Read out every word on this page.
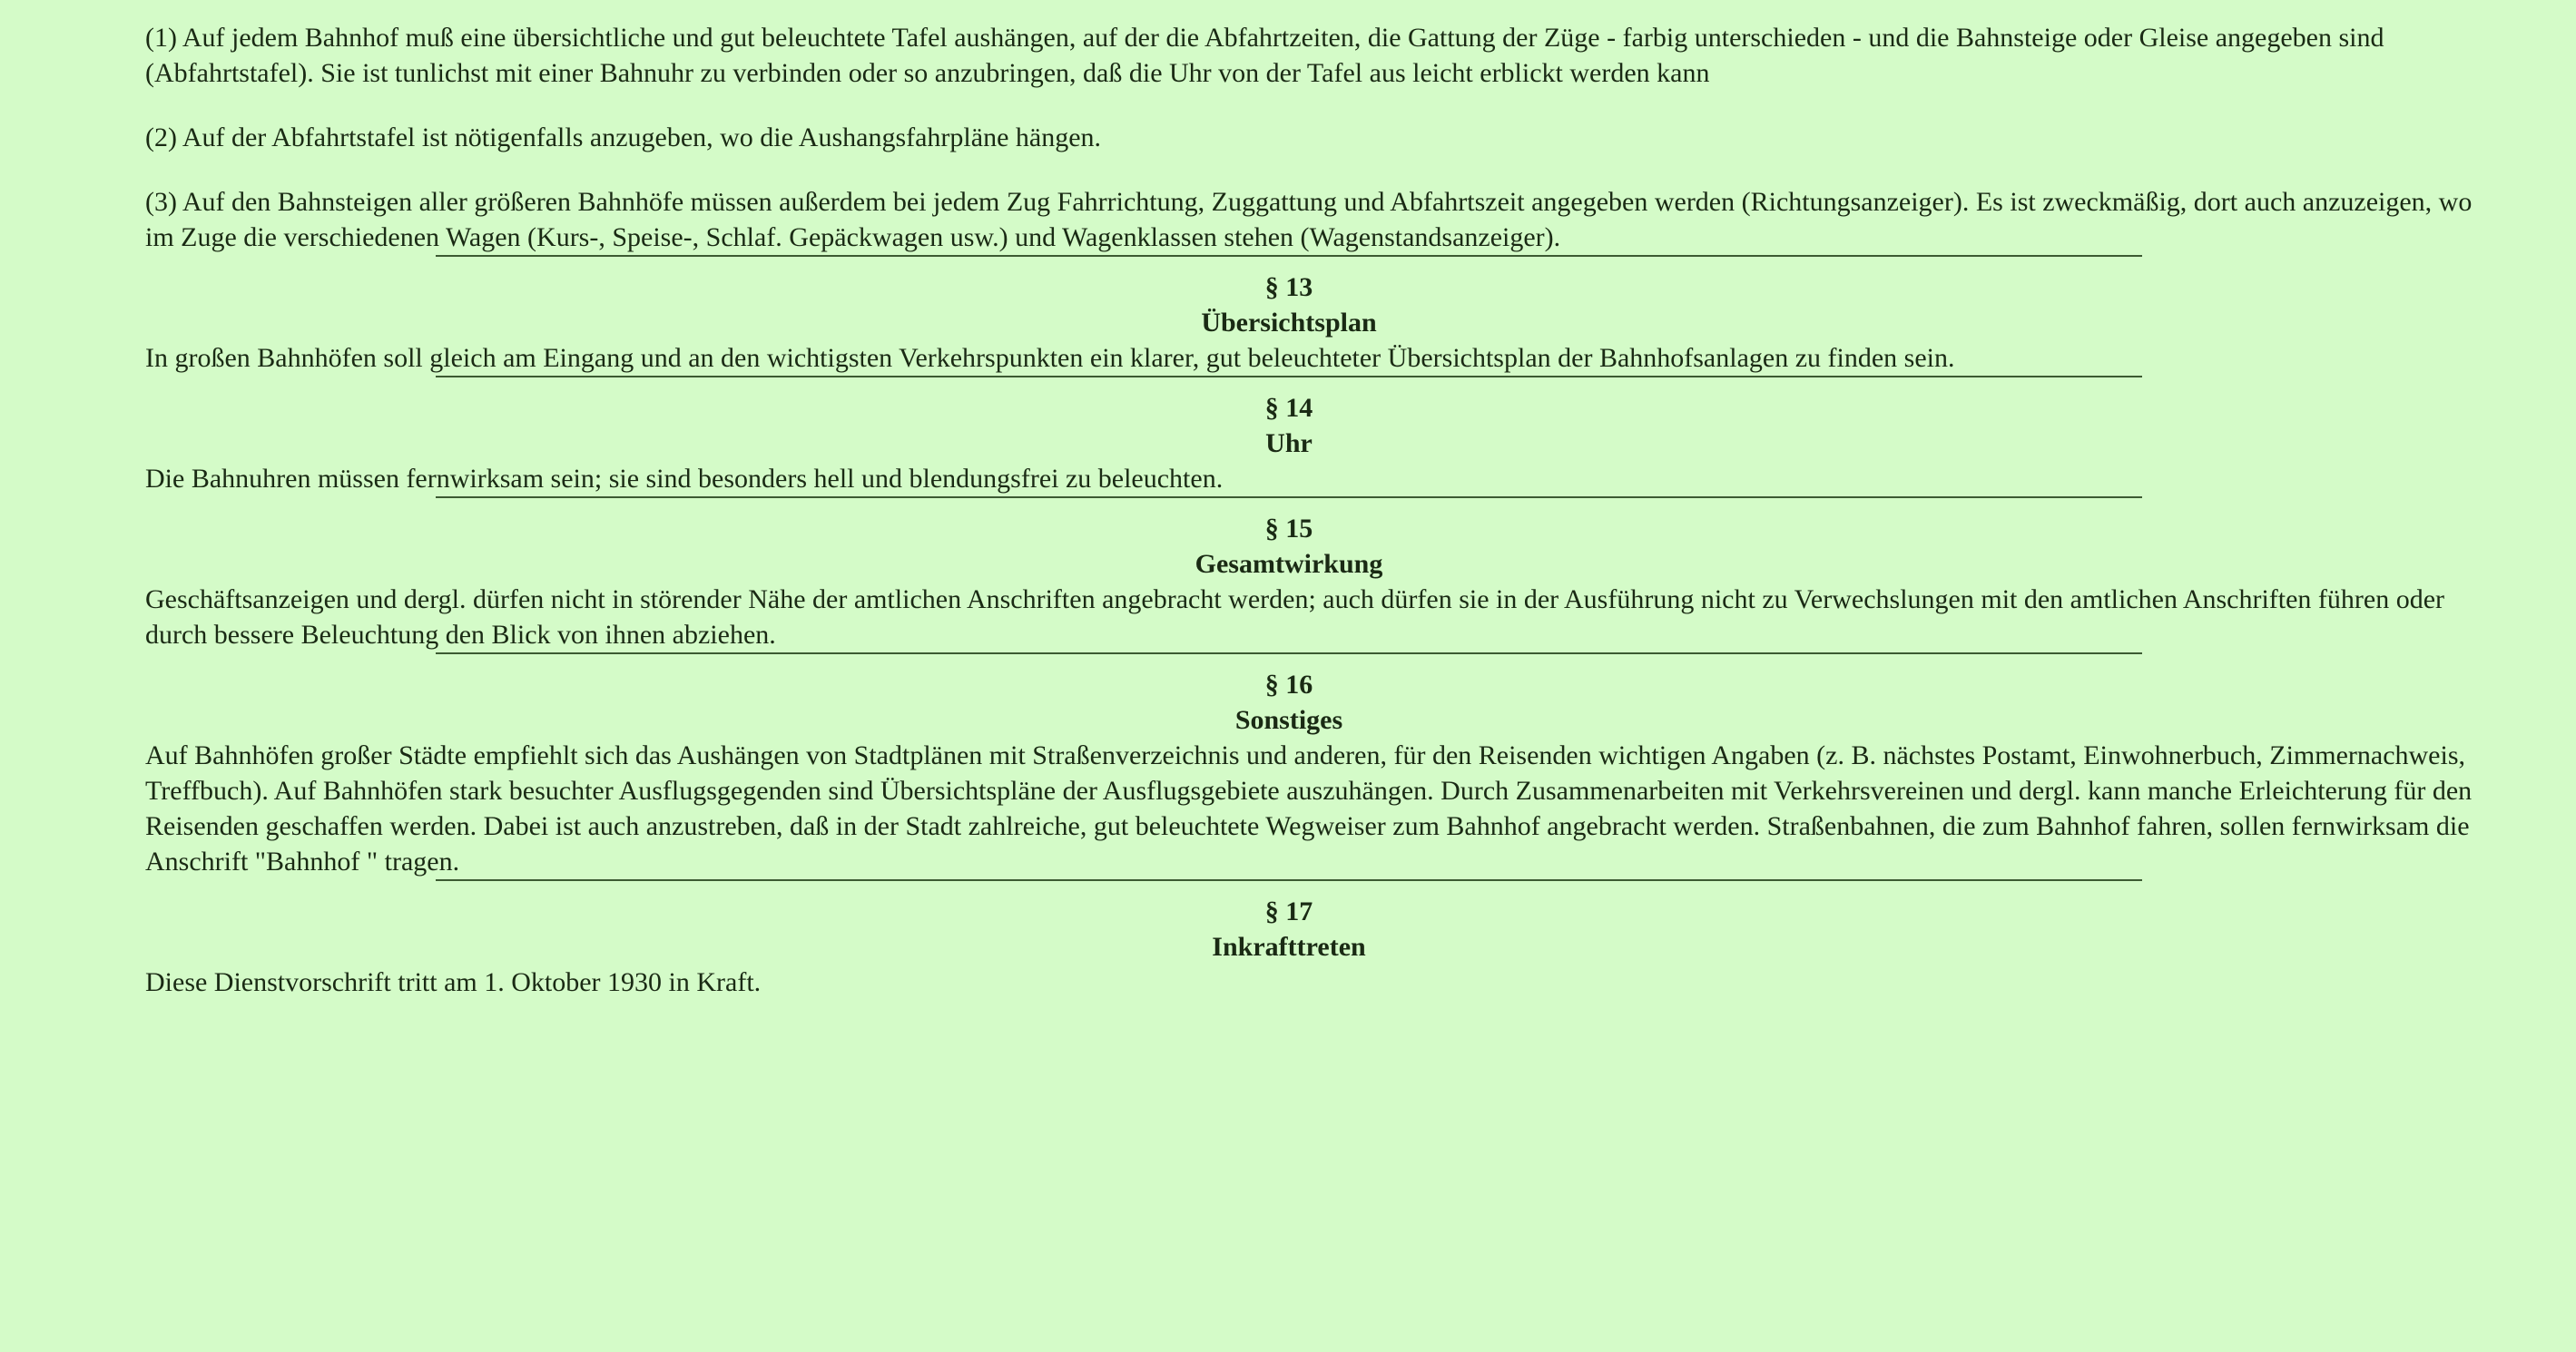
(1) Auf jedem Bahnhof muß eine übersichtliche und gut beleuchtete Tafel aushängen, auf der die Abfahrtzeiten, die Gattung der Züge - farbig unterschieden - und die Bahnsteige oder Gleise angegeben sind (Abfahrtstafel). Sie ist tunlichst mit einer Bahnuhr zu verbinden oder so anzubringen, daß die Uhr von der Tafel aus leicht erblickt werden kann

(2) Auf der Abfahrtstafel ist nötigenfalls anzugeben, wo die Aushangsfahrpläne hängen.

(3) Auf den Bahnsteigen aller größeren Bahnhöfe müssen außerdem bei jedem Zug Fahrrichtung, Zuggattung und Abfahrtszeit angegeben werden (Richtungsanzeiger). Es ist zweckmäßig, dort auch anzuzeigen, wo im Zuge die verschiedenen Wagen (Kurs-, Speise-, Schlaf. Gepäckwagen usw.) und Wagenklassen stehen (Wagenstandsanzeiger).

§ 13
Übersichtsplan

In großen Bahnhöfen soll gleich am Eingang und an den wichtigsten Verkehrspunkten ein klarer, gut beleuchteter Übersichtsplan der Bahnhofsanlagen zu finden sein.

§ 14
Uhr

Die Bahnuhren müssen fernwirksam sein; sie sind besonders hell und blendungsfrei zu beleuchten.

§ 15
Gesamtwirkung

Geschäftsanzeigen und dergl. dürfen nicht in störender Nähe der amtlichen Anschriften angebracht werden; auch dürfen sie in der Ausführung nicht zu Verwechslungen mit den amtlichen Anschriften führen oder durch bessere Beleuchtung den Blick von ihnen abziehen.

§ 16
Sonstiges

Auf Bahnhöfen großer Städte empfiehlt sich das Aushängen von Stadtplänen mit Straßenverzeichnis und anderen, für den Reisenden wichtigen Angaben (z. B. nächstes Postamt, Einwohnerbuch, Zimmernachweis, Treffbuch). Auf Bahnhöfen stark besuchter Ausflugsgegenden sind Übersichtspläne der Ausflugsgebiete auszuhängen. Durch Zusammenarbeiten mit Verkehrsvereinen und dergl. kann manche Erleichterung für den Reisenden geschaffen werden. Dabei ist auch anzustreben, daß in der Stadt zahlreiche, gut beleuchtete Wegweiser zum Bahnhof angebracht werden. Straßenbahnen, die zum Bahnhof fahren, sollen fernwirksam die Anschrift "Bahnhof " tragen.

§ 17
Inkrafttreten

Diese Dienstvorschrift tritt am 1. Oktober 1930 in Kraft.
